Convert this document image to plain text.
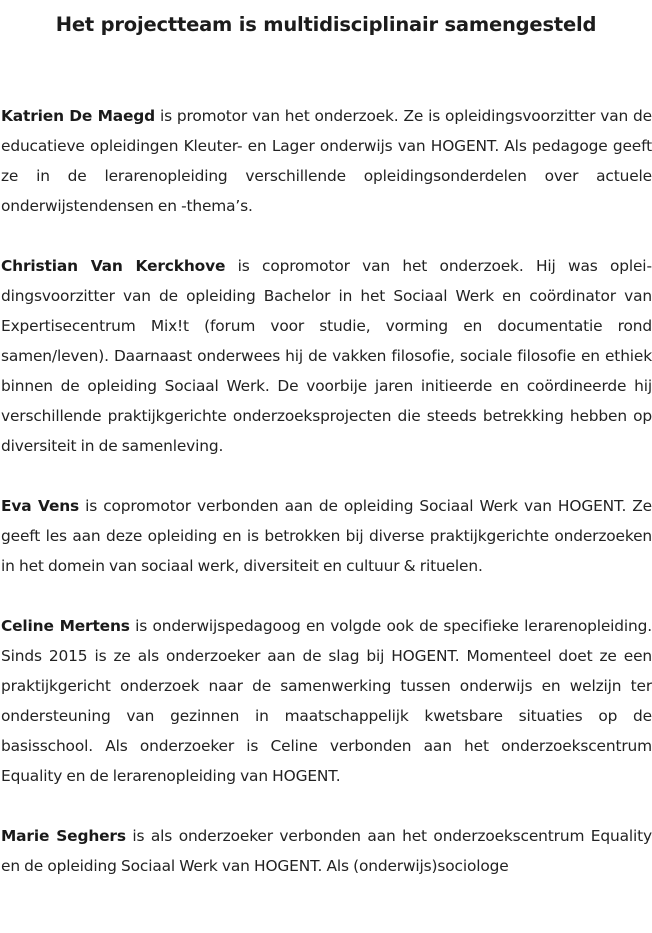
Het projectteam is multidisciplinair samengesteld

Katrien De Maegd is promotor van het onderzoek. Ze is opleidingsvoorzitter van de educatieve opleidingen Kleuter- en Lager onderwijs van HOGENT. Als pedagoge geeft ze in de lerarenopleiding verschillende opleidingsonderdelen over actuele onderwijstendensen en -thema’s.

Christian Van Kerckhove is copromotor van het onderzoek. Hij was opleidingsvoorzitter van de opleiding Bachelor in het Sociaal Werk en coördinator van Expertisecentrum Mix!t (forum voor studie, vorming en documentatie rond samen/leven). Daarnaast onderwees hij de vakken filosofie, sociale filosofie en ethiek binnen de opleiding Sociaal Werk. De voorbije jaren initieerde en coördineerde hij verschillende praktijkgerichte onderzoeksprojecten die steeds betrekking hebben op diversiteit in de samenleving.

Eva Vens is copromotor verbonden aan de opleiding Sociaal Werk van HOGENT. Ze geeft les aan deze opleiding en is betrokken bij diverse praktijkgerichte onderzoeken in het domein van sociaal werk, diversiteit en cultuur & rituelen.

Celine Mertens is onderwijspedagoog en volgde ook de specifieke lerarenopleiding. Sinds 2015 is ze als onderzoeker aan de slag bij HOGENT. Momenteel doet ze een praktijkgericht onderzoek naar de samenwerking tussen onderwijs en welzijn ter ondersteuning van gezinnen in maatschappelijk kwetsbare situaties op de basisschool. Als onderzoeker is Celine verbonden aan het onderzoekscentrum Equality en de lerarenopleiding van HOGENT.

Marie Seghers is als onderzoeker verbonden aan het onderzoekscentrum Equality en de opleiding Sociaal Werk van HOGENT. Als (onderwijs)sociologe
